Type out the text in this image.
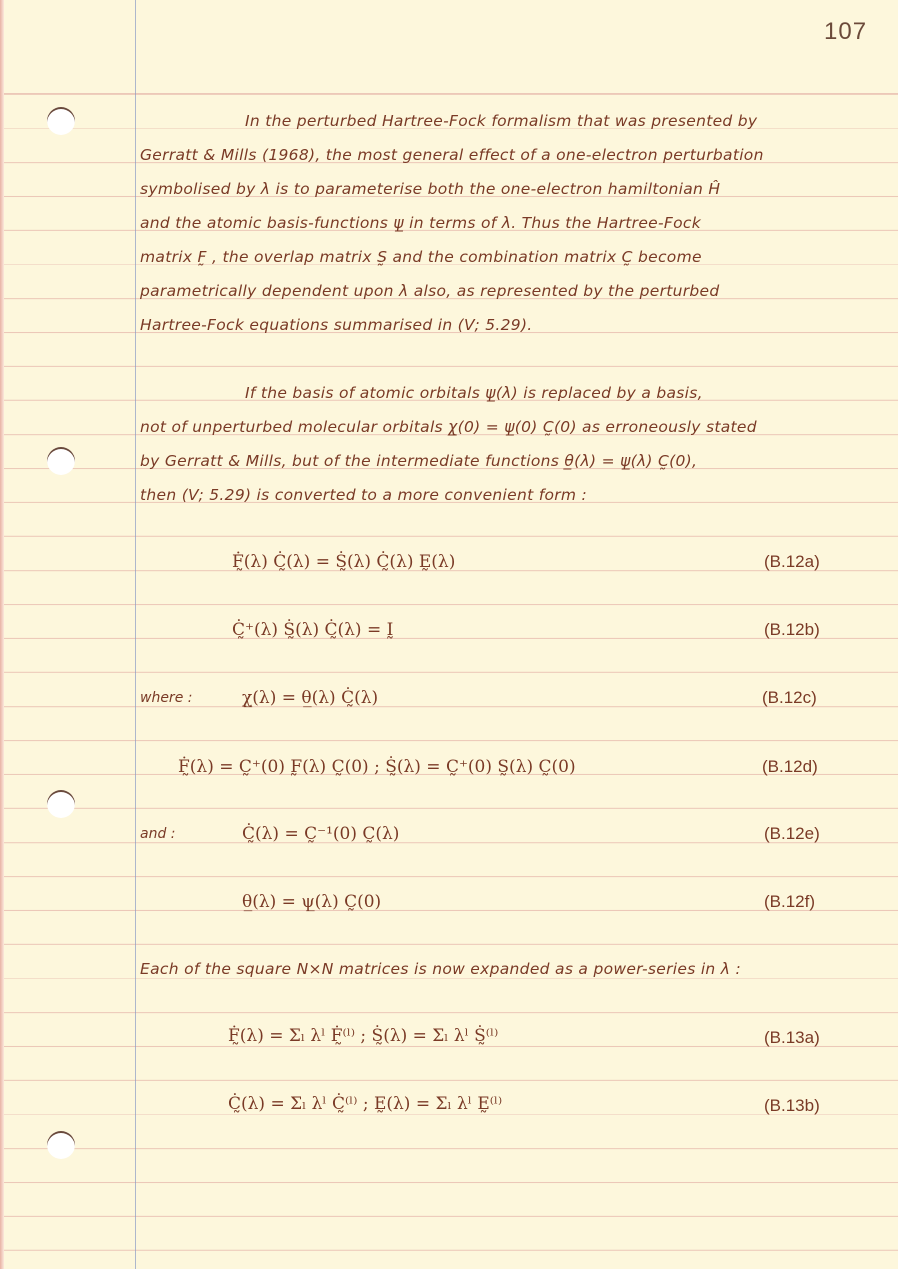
107
In the perturbed Hartree-Fock formalism that was presented by
Gerratt & Mills (1968), the most general effect of a one-electron perturbation
symbolised by λ is to parameterise both the one-electron hamiltonian Ĥ
and the atomic basis-functions ψ̲ in terms of λ. Thus the Hartree-Fock
matrix F̰ , the overlap matrix S̰ and the combination matrix C̰ become
parametrically dependent upon λ also, as represented by the perturbed
Hartree-Fock equations summarised in (V; 5.29).
If the basis of atomic orbitals ψ̲(λ) is replaced by a basis,
not of unperturbed molecular orbitals χ̲(0) = ψ̲(0) C̰(0) as erroneously stated
by Gerratt & Mills, but of the intermediate functions θ̲(λ) = ψ̲(λ) C̰(0),
then (V; 5.29) is converted to a more convenient form :
Ḟ̰(λ) Ċ̰(λ) = Ṡ̰(λ) Ċ̰(λ) Ḛ(λ)	(B.12a)
Ċ̰⁺(λ) Ṡ̰(λ) Ċ̰(λ) = Ḭ	(B.12b)
where :	χ̲(λ) = θ̲(λ) Ċ̰(λ)	(B.12c)
Ḟ̰(λ) = C̰⁺(0) F̰(λ) C̰(0) ; Ṡ̰(λ) = C̰⁺(0) S̰(λ) C̰(0)	(B.12d)
and :	Ċ̰(λ) = C̰⁻¹(0) C̰(λ)	(B.12e)
θ̲(λ) = ψ̲(λ) C̰(0)	(B.12f)
Each of the square N×N matrices is now expanded as a power-series in λ :
Ḟ̰(λ) = Σₗ λˡ Ḟ̰⁽ˡ⁾ ; Ṡ̰(λ) = Σₗ λˡ Ṡ̰⁽ˡ⁾	(B.13a)
Ċ̰(λ) = Σₗ λˡ Ċ̰⁽ˡ⁾ ; Ḛ(λ) = Σₗ λˡ Ḛ⁽ˡ⁾	(B.13b)
